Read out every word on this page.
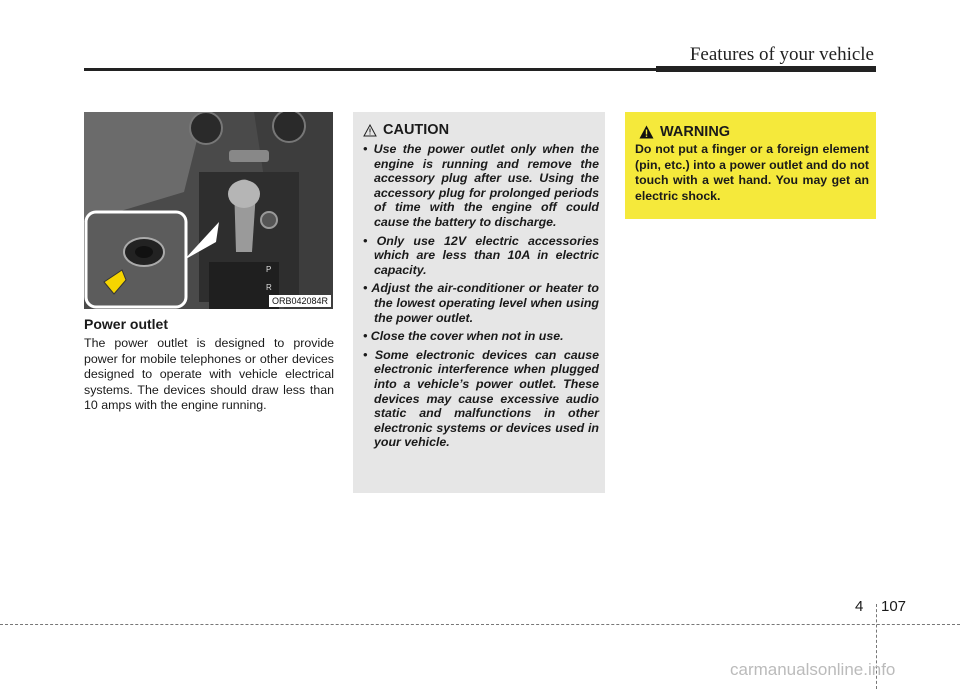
Features of your vehicle
P
R
ORB042084R
Power outlet
The power outlet is designed to provide power for mobile telephones or other devices designed to operate with vehicle electrical systems. The devices should draw less than 10 amps with the engine running.
CAUTION
• Use the power outlet only when the engine is running and remove the accessory plug after use. Using the accessory plug for prolonged periods of time with the engine off could cause the battery to discharge.
• Only use 12V electric accessories which are less than 10A in electric capacity.
• Adjust the air-conditioner or heater to the lowest operating level when using the power outlet.
• Close the cover when not in use.
• Some electronic devices can cause electronic interference when plugged into a vehicle’s power outlet. These devices may cause excessive audio static and malfunctions in other electronic systems or devices used in your vehicle.
WARNING
Do not put a finger or a foreign element (pin, etc.) into a power outlet and do not touch with a wet hand. You may get an electric shock.
4 107
carmanualsonline.info
